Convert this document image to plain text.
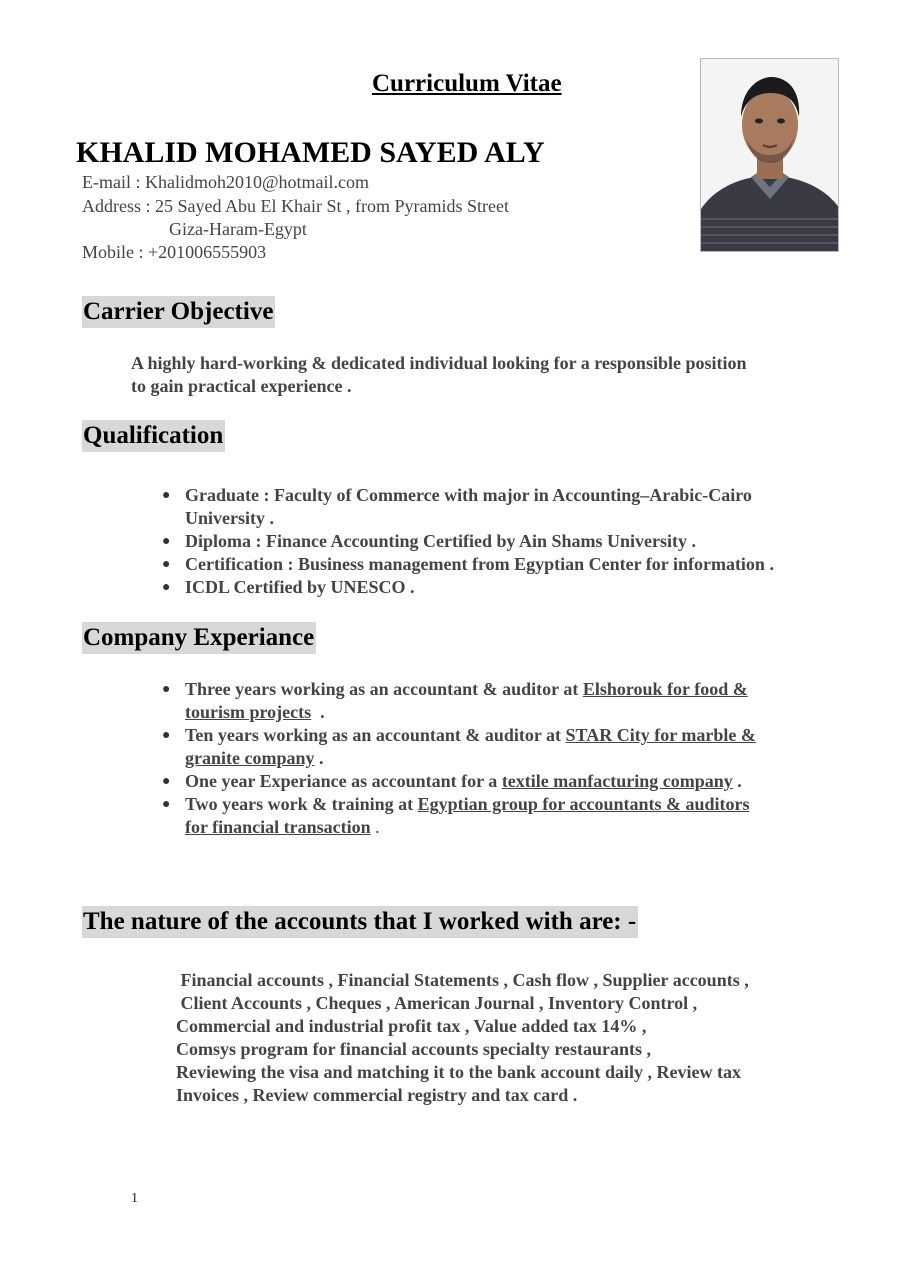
Curriculum Vitae
KHALID MOHAMED SAYED ALY
E-mail : Khalidmoh2010@hotmail.com
Address : 25 Sayed Abu El Khair St , from Pyramids Street
Giza-Haram-Egypt
Mobile : +201006555903
Carrier Objective
A highly hard-working & dedicated individual looking for a responsible position
to gain practical experience .
Qualification
● Graduate : Faculty of Commerce with major in Accounting–Arabic-Cairo
University .
● Diploma : Finance Accounting Certified by Ain Shams University .
● Certification : Business management from Egyptian Center for information .
● ICDL Certified by UNESCO .
Company Experiance
● Three years working as an accountant & auditor at Elshorouk for food &
tourism projects  .
● Ten years working as an accountant & auditor at STAR City for marble &
granite company .
● One year Experiance as accountant for a textile manfacturing company .
● Two years work & training at Egyptian group for accountants & auditors
for financial transaction .
The nature of the accounts that I worked with are: -
Financial accounts , Financial Statements , Cash flow , Supplier accounts ,
Client Accounts , Cheques , American Journal , Inventory Control ,
Commercial and industrial profit tax , Value added tax 14% ,
Comsys program for financial accounts specialty restaurants ,
Reviewing the visa and matching it to the bank account daily , Review tax
Invoices , Review commercial registry and tax card .
1
